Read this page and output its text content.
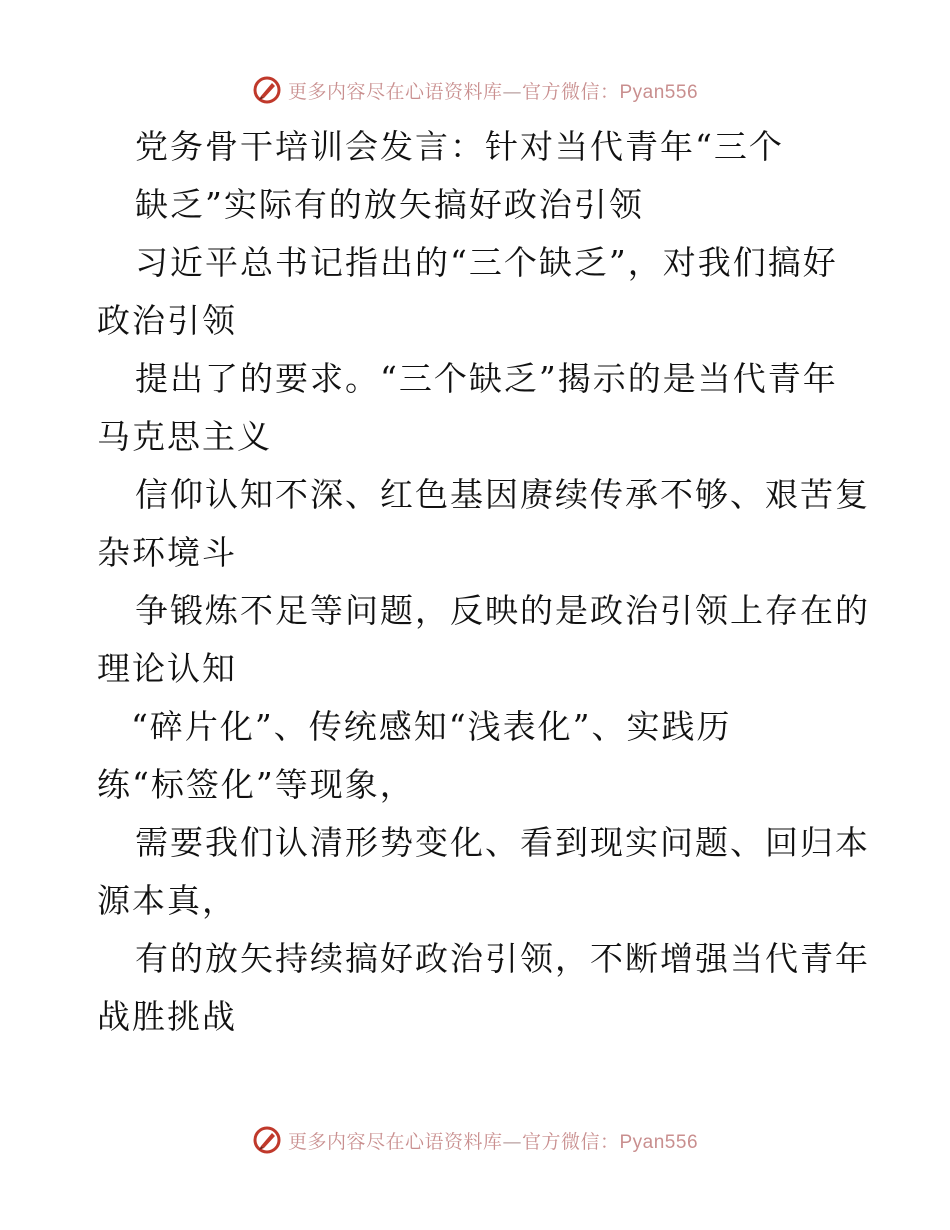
更多内容尽在心语资料库—官方微信：Pyan556
党务骨干培训会发言：针对当代青年“三个
缺乏”实际有的放矢搞好政治引领
习近平总书记指出的“三个缺乏”，对我们搞好
政治引领
提出了的要求。“三个缺乏”揭示的是当代青年
马克思主义
信仰认知不深、红色基因赓续传承不够、艰苦复
杂环境斗
争锻炼不足等问题，反映的是政治引领上存在的
理论认知
“碎片化”、传统感知“浅表化”、实践历
练“标签化”等现象，
需要我们认清形势变化、看到现实问题、回归本
源本真，
有的放矢持续搞好政治引领，不断增强当代青年
战胜挑战
更多内容尽在心语资料库—官方微信：Pyan556
